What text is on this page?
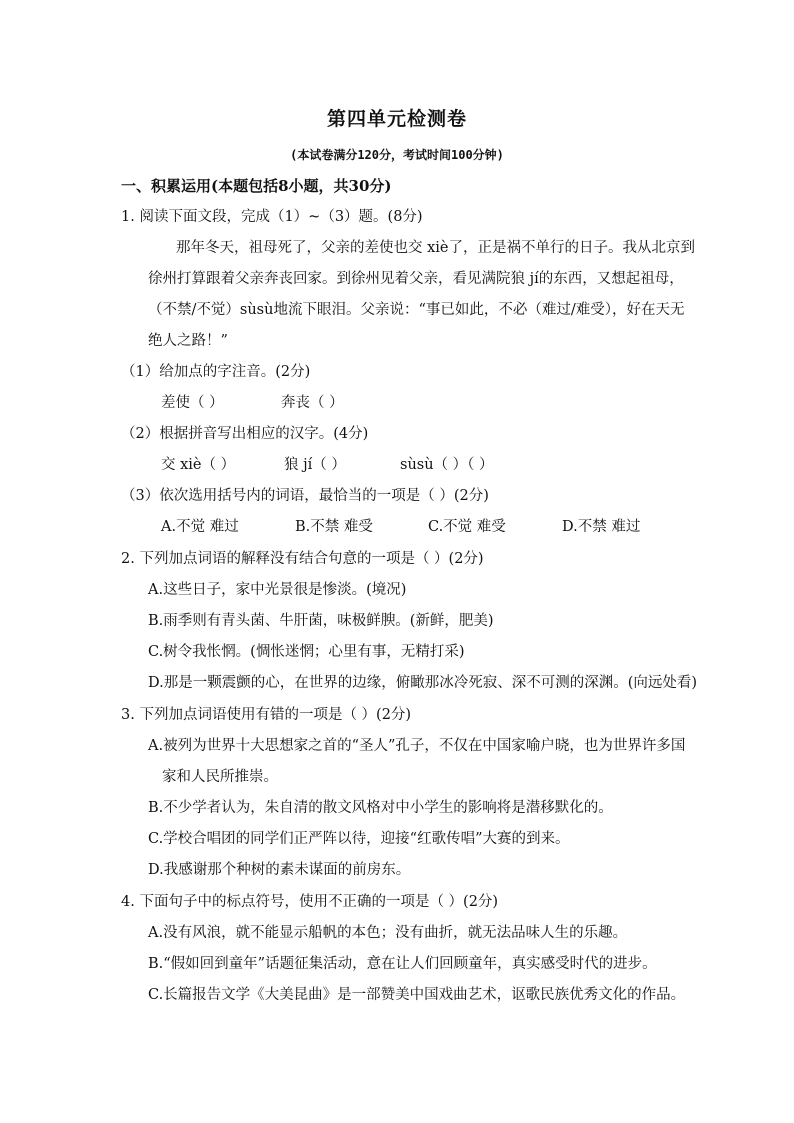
第四单元检测卷
(本试卷满分120分，考试时间100分钟)
一、积累运用(本题包括8小题，共30分)
1. 阅读下面文段，完成（1）~（3）题。(8分)
那年冬天，祖母死了，父亲的差使也交 xiè了，正是祸不单行的日子。我从北京到
徐州打算跟着父亲奔丧回家。到徐州见着父亲，看见满院狼 jí的东西，又想起祖母，
（不禁/不觉）sùsù地流下眼泪。父亲说：“事已如此，不必（难过/难受），好在天无
绝人之路！”
（1）给加点的字注音。(2分)
差使（ ）	奔丧（ ）
（2）根据拼音写出相应的汉字。(4分)
交 xiè（ ）	狼 jí（ ）	sùsù（ ）（ ）
（3）依次选用括号内的词语，最恰当的一项是（ ）(2分)
A.不觉 难过	B.不禁 难受	C.不觉 难受	D.不禁 难过
2. 下列加点词语的解释没有结合句意的一项是（ ）(2分)
A.这些日子，家中光景很是惨淡。(境况)
B.雨季则有青头菌、牛肝菌，味极鲜腴。(新鲜，肥美)
C.树令我怅惘。(惆怅迷惘；心里有事，无精打采)
D.那是一颗震颤的心，在世界的边缘，俯瞰那冰冷死寂、深不可测的深渊。(向远处看)
3. 下列加点词语使用有错的一项是（ ）(2分)
A.被列为世界十大思想家之首的“圣人”孔子，不仅在中国家喻户晓，也为世界许多国
家和人民所推崇。
B.不少学者认为，朱自清的散文风格对中小学生的影响将是潜移默化的。
C.学校合唱团的同学们正严阵以待，迎接“红歌传唱”大赛的到来。
D.我感谢那个种树的素未谋面的前房东。
4. 下面句子中的标点符号，使用不正确的一项是（ ）(2分)
A.没有风浪，就不能显示船帆的本色；没有曲折，就无法品味人生的乐趣。
B.“假如回到童年”话题征集活动，意在让人们回顾童年，真实感受时代的进步。
C.长篇报告文学《大美昆曲》是一部赞美中国戏曲艺术，讴歌民族优秀文化的作品。
